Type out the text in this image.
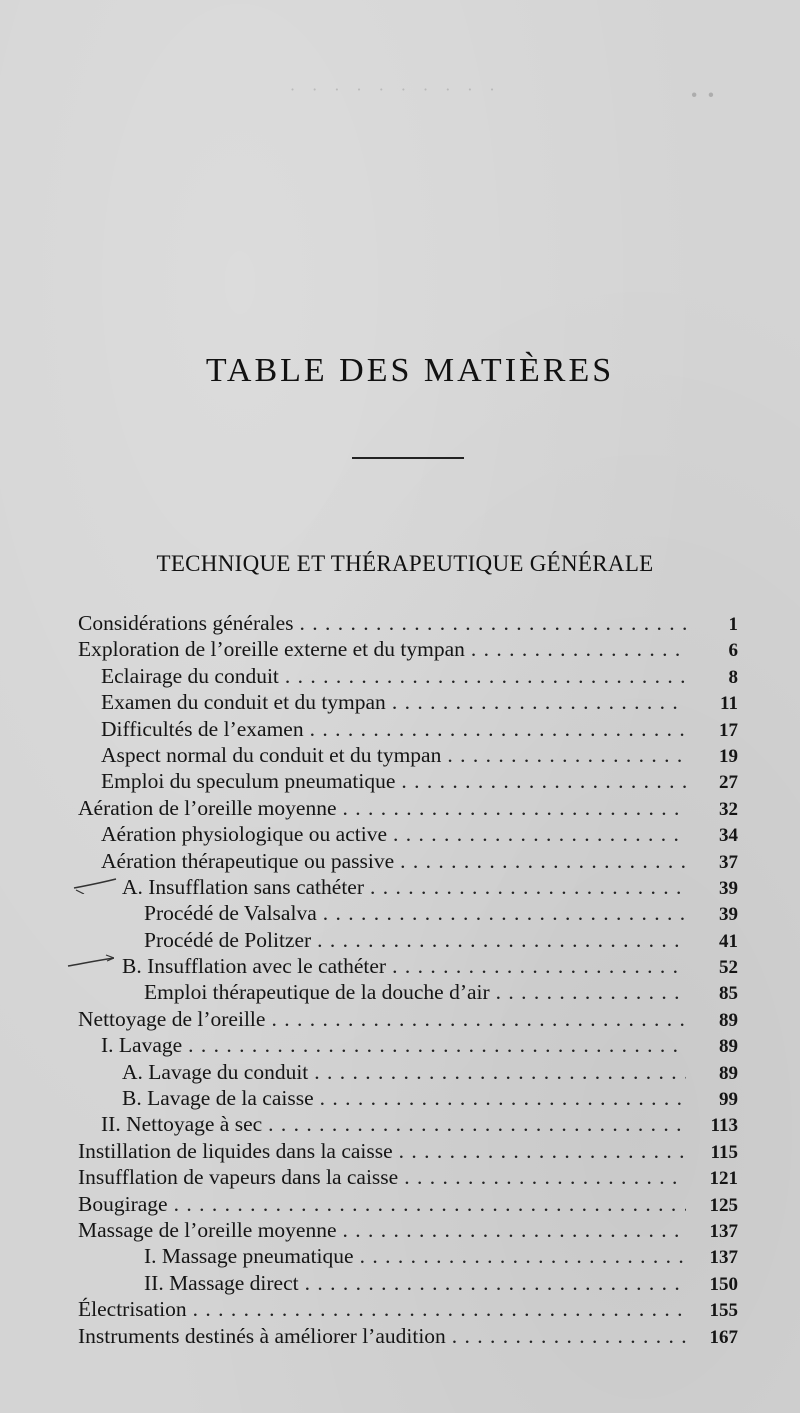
· · · · · · · · · ·	· ·
TABLE DES MATIÈRES
TECHNIQUE ET THÉRAPEUTIQUE GÉNÉRALE
Considérations générales . . .	1
Exploration de l’oreille externe et du tympan . . .	6
Eclairage du conduit . . .	8
Examen du conduit et du tympan . . .	11
Difficultés de l’examen . . .	17
Aspect normal du conduit et du tympan . . .	19
Emploi du speculum pneumatique . . .	27
Aération de l’oreille moyenne . . .	32
Aération physiologique ou active . . .	34
Aération thérapeutique ou passive . . .	37
A. Insufflation sans cathéter . . .	39
Procédé de Valsalva . . .	39
Procédé de Politzer . . .	41
B. Insufflation avec le cathéter . . .	52
Emploi thérapeutique de la douche d’air . . .	85
Nettoyage de l’oreille . . .	89
I. Lavage . . .	89
A. Lavage du conduit . . .	89
B. Lavage de la caisse . . .	99
II. Nettoyage à sec . . .	113
Instillation de liquides dans la caisse . . .	115
Insufflation de vapeurs dans la caisse . . .	121
Bougirage . . .	125
Massage de l’oreille moyenne . . .	137
I. Massage pneumatique . . .	137
II. Massage direct . . .	150
Électrisation . . .	155
Instruments destinés à améliorer l’audition . . .	167
